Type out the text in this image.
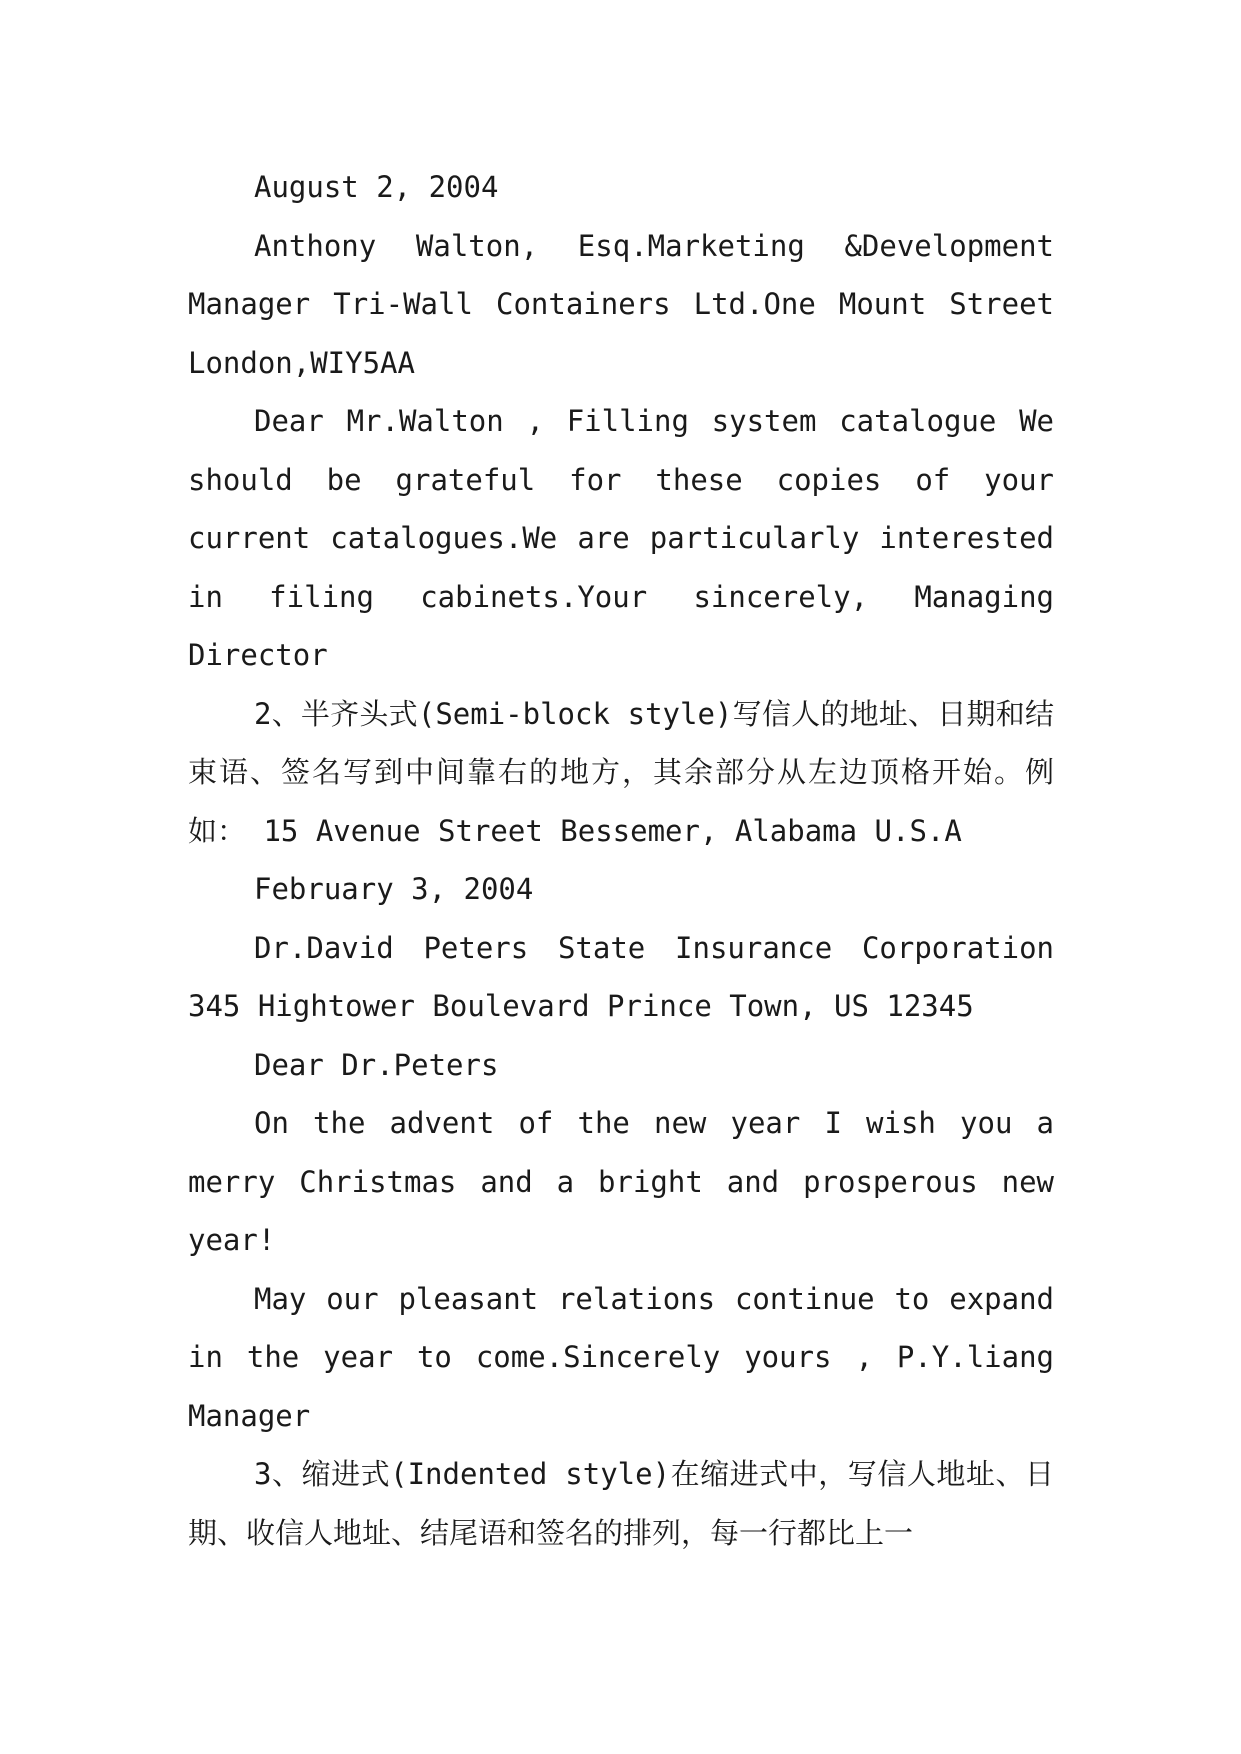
August 2, 2004

Anthony Walton, Esq.Marketing &Development Manager Tri-Wall Containers Ltd.One Mount Street London,WIY5AA

Dear Mr.Walton , Filling system catalogue We should be grateful for these copies of your current catalogues.We are particularly interested in filing cabinets.Your sincerely, Managing Director

2、半齐头式(Semi-block style)写信人的地址、日期和结束语、签名写到中间靠右的地方，其余部分从左边顶格开始。例如： 15 Avenue Street Bessemer, Alabama U.S.A

February 3, 2004

Dr.David Peters State Insurance Corporation 345 Hightower Boulevard Prince Town, US 12345

Dear Dr.Peters

On the advent of the new year I wish you a merry Christmas and a bright and prosperous new year!

May our pleasant relations continue to expand in the year to come.Sincerely yours , P.Y.liang Manager

3、缩进式(Indented style)在缩进式中，写信人地址、日期、收信人地址、结尾语和签名的排列，每一行都比上一
